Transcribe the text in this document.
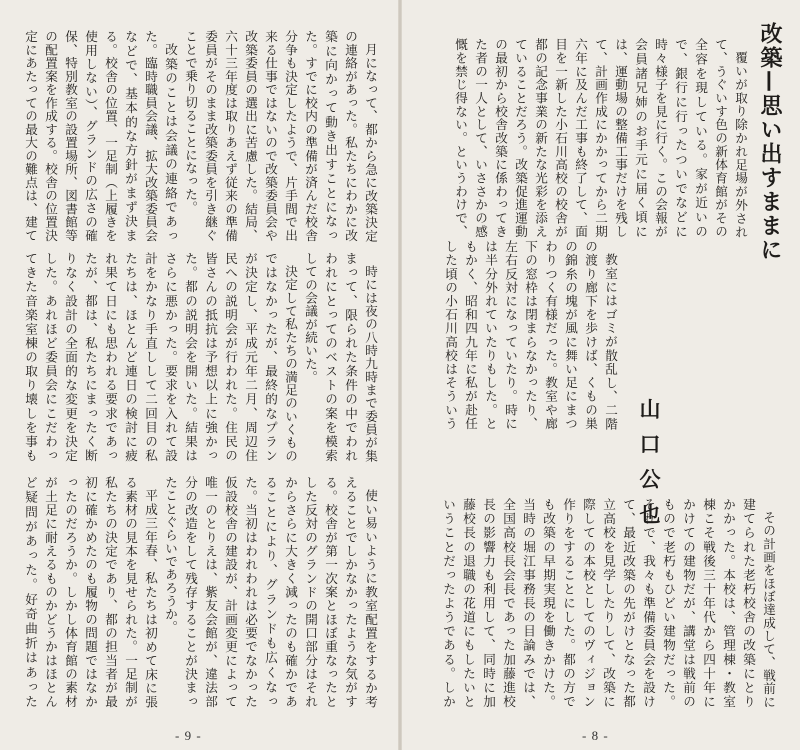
改築—思い出すままに
山口公也

覆いが取り除かれ足場が外されて、うぐいす色の新体育館がその全容を現している。家が近いので、銀行に行ったついでなどに時々様子を見に行く。この会報が会員諸兄姉のお手元に届く頃には、運動場の整備工事だけを残して、計画作成にかかってから二期六年に及んだ工事も終了して、面目を一新した小石川高校の校舎が都の記念事業の新たな光彩を添えていることだろう。改築促進運動の最初から校舎改築に係わってきた者の一人として、いささかの感慨を禁じ得ない。というわけで、

教室にはゴミが散乱し、二階の渡り廊下を歩けば、くもの巣の錦糸の塊が風に舞い足にまつわりつく有様だった。教室や廊下の窓枠は閉まらなかったり、左右反対になっていたり。時には半分外れていたりもした。ともかく、昭和四九年に私が赴任した頃の小石川高校はそういう

その計画をほぼ達成して、戦前に建てられた老朽校舎の改築にとりかかった。本校は、管理棟・教室棟こそ戦後三十年代から四十年にかけての建物だが、講堂は戦前のもので老朽もひどい建物だった。それで、我々も準備委員会を設けて、最近改築の先がけとなった都立高校を見学したりして、改築に際しての本校としてのヴィジョン作りをすることにした。都の方でも改築の早期実現を働きかけた。当時の堀江事務長の目論みでは、全国高校長会長であった加藤進校長の影響力も利用して、同時に加藤校長の退職の花道にもしたいということだったようである。しか

- 8 -

月になって、都から急に改築決定の連絡があった。私たちにわかに改築に向かって動き出すことになった。すでに校内の準備が済んだ校舎分争も決定したようで、片手間で出来る仕事ではないので改築委員会や改築委員の選出に苦慮した。結局、六十三年度は取りあえず従来の準備委員がそのまま改築委員を引き継ぐことで乗り切ることになった。

改築のことは会議の連絡であった。臨時職員会議、拡大改築委員会などで、基本的な方針がまず決まる。校舎の位置、一足制（上履きを使用しない）、グランドの広さの確保、特別教室の設置場所、図書館等の配置案を作成する。校舎の位置決定にあたっての最大の難点は、建て

時には夜の八時九時まで委員が集まって、限られた条件の中でわれわれにとってのベストの案を模索しての会議が続いた。

決定して私たちの満足のいくものではなかったが、最終的なプランが決定し、平成元年二月、周辺住民への説明会が行われた。住民の皆さんの抵抗は予想以上に強かった。都の説明会を開いた。結果はさらに悪かった。要求を入れて設計をかなり手直しして二回目の私たちは、ほとんど連日の検討に疲れ果て日にも思われる要求であったが、都は、私たちにまったく断りなく設計の全面的な変更を決定した。あれほど委員会にこだわってきた音楽室棟の取り壊しを事も

使い易いように教室配置をするか考えることでしかなかったような気がする。校舎が第一次案とほぼ重なったとした反対のグランドの開口部分はそれからさらに大きく減ったのも確かであることにより、グランドも広くなった。当初はわれわれは必要でなかった仮設校舎の建設が、計画変更によって唯一のとりえは、紫友会館が、違法部分の改造をして残存することが決まったことぐらいであろうか。

平成三年春、私たちは初めて床に張る素材の見本を見せられた。一足制が私たちの決定であり、都の担当者が最初に確かめたのも履物の問題ではなかったのだろうか。しかし体育館の素材が土足に耐えるものかどうかはほとんど疑問があった。好奇曲折はあった

- 9 -
